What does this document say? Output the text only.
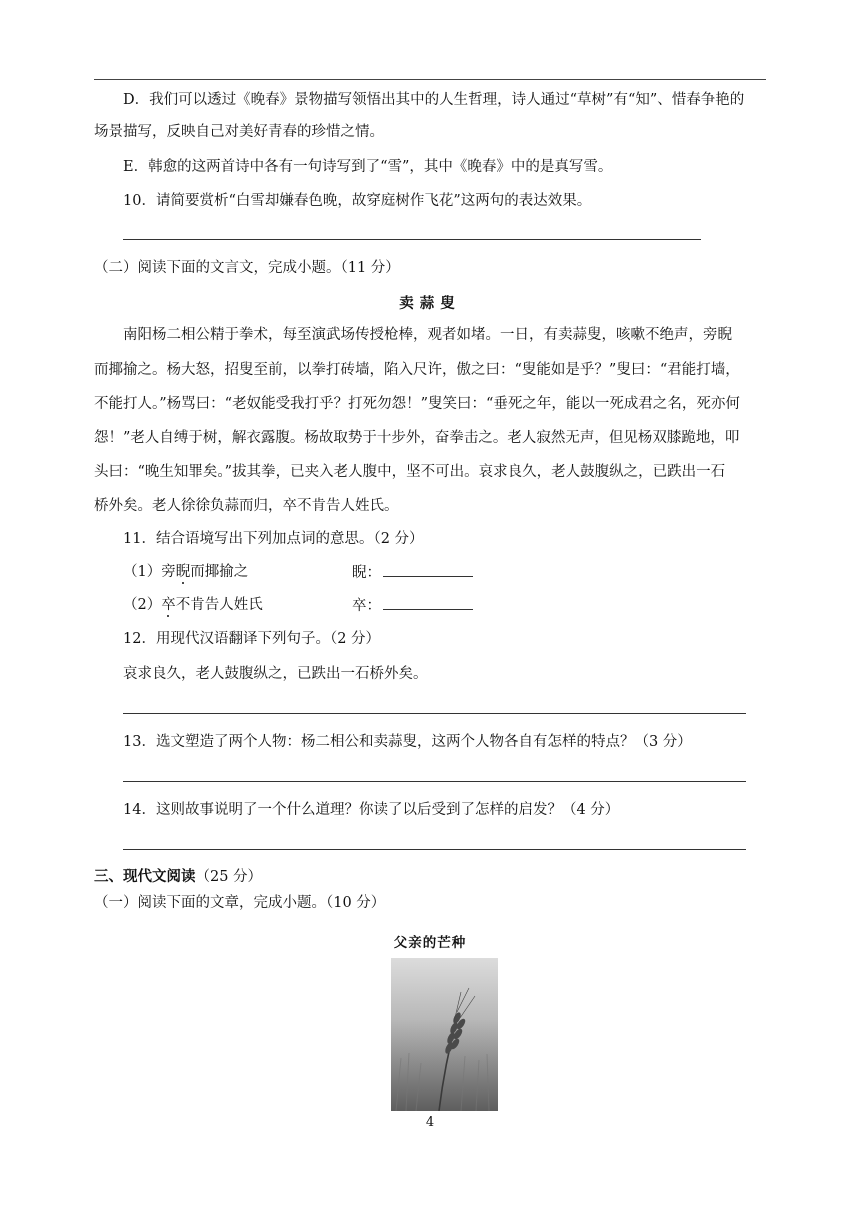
D．我们可以透过《晚春》景物描写领悟出其中的人生哲理，诗人通过“草树”有“知”、惜春争艳的
场景描写，反映自己对美好青春的珍惜之情。
E．韩愈的这两首诗中各有一句诗写到了“雪”，其中《晚春》中的是真写雪。
10．请简要赏析“白雪却嫌春色晚，故穿庭树作飞花”这两句的表达效果。
（二）阅读下面的文言文，完成小题。（11 分）
卖蒜叟
南阳杨二相公精于拳术，每至演武场传授枪棒，观者如堵。一日，有卖蒜叟，咳嗽不绝声，旁睨
而揶揄之。杨大怒，招叟至前，以拳打砖墙，陷入尺许，傲之曰：“叟能如是乎？”叟曰：“君能打墙，
不能打人。”杨骂曰：“老奴能受我打乎？打死勿怨！”叟笑曰：“垂死之年，能以一死成君之名，死亦何
怨！”老人自缚于树，解衣露腹。杨故取势于十步外，奋拳击之。老人寂然无声，但见杨双膝跪地，叩
头曰：“晚生知罪矣。”拔其拳，已夹入老人腹中，坚不可出。哀求良久，老人鼓腹纵之，已跌出一石
桥外矣。老人徐徐负蒜而归，卒不肯告人姓氏。
11．结合语境写出下列加点词的意思。（2 分）
（1）旁睨而揶揄之	睨：
（2）卒不肯告人姓氏	卒：
12．用现代汉语翻译下列句子。（2 分）
哀求良久，老人鼓腹纵之，已跌出一石桥外矣。
13．选文塑造了两个人物：杨二相公和卖蒜叟，这两个人物各自有怎样的特点？（3 分）
14．这则故事说明了一个什么道理？你读了以后受到了怎样的启发？（4 分）
三、现代文阅读（25 分）
（一）阅读下面的文章，完成小题。（10 分）
父亲的芒种
4
